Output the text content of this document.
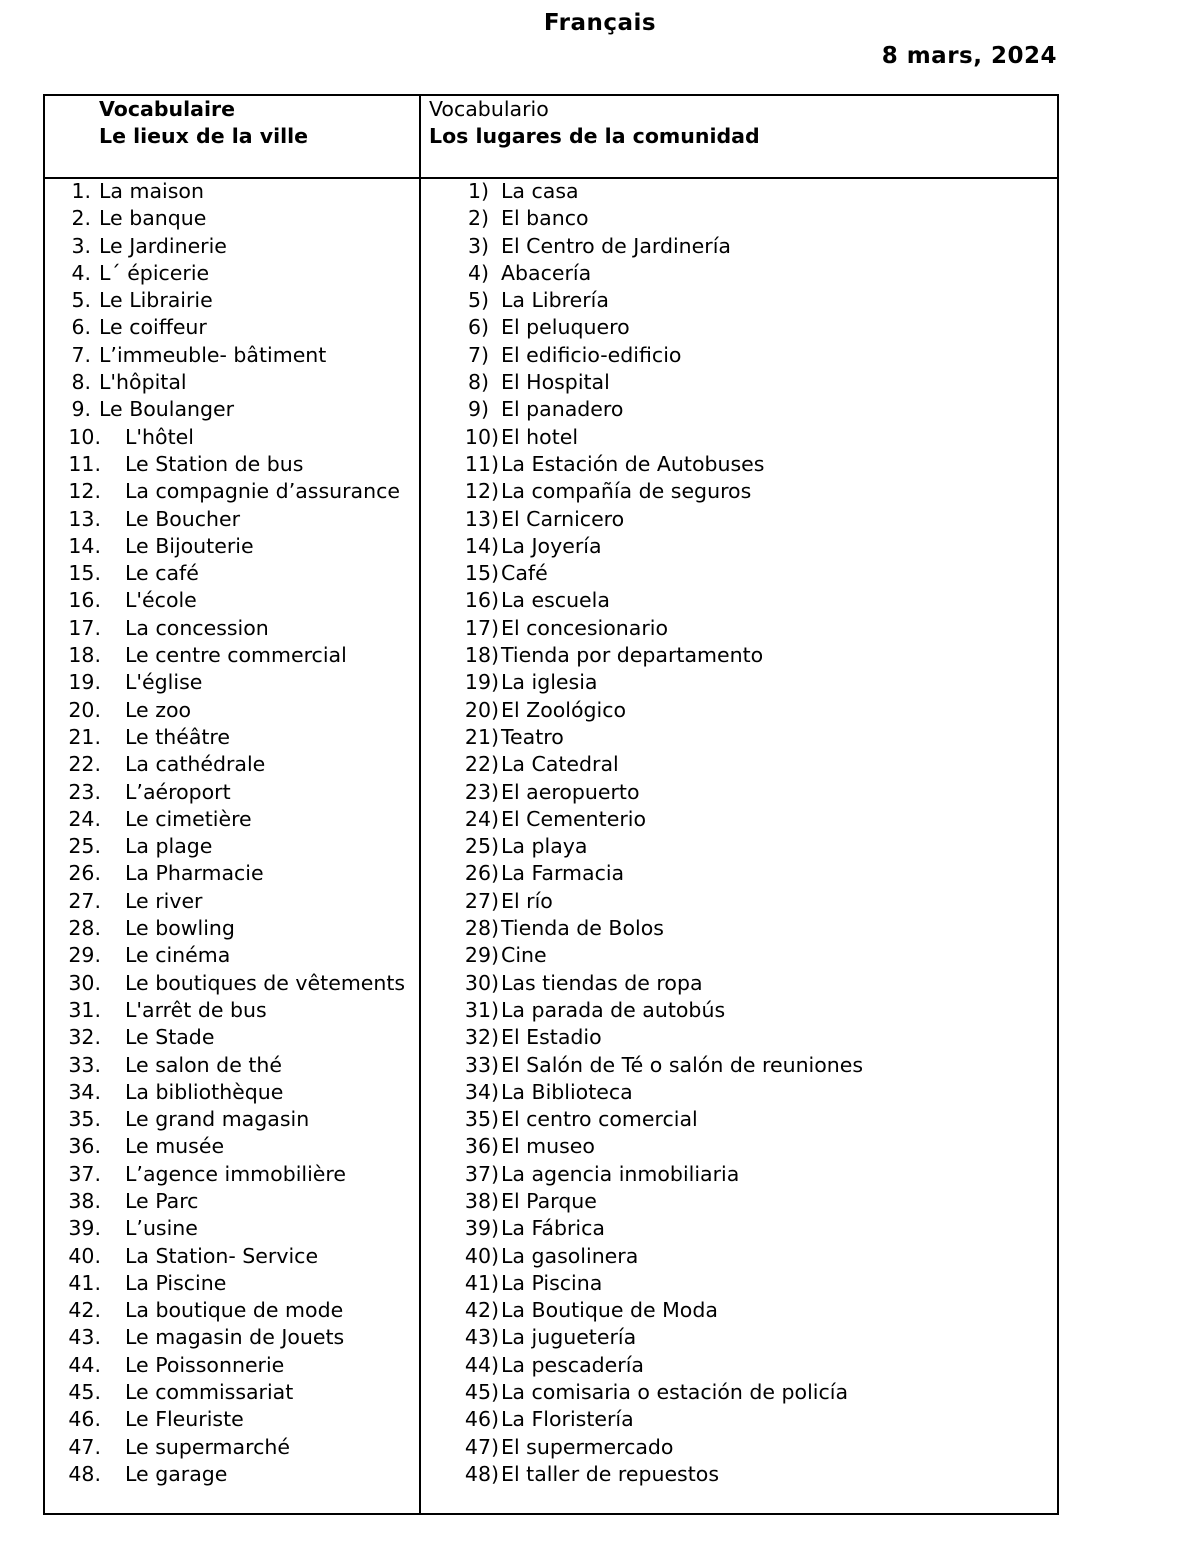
Français
8 mars, 2024
Vocabulaire
Le lieux de la ville
Vocabulario
Los lugares de la comunidad
1. La maison
2. Le banque
3. Le Jardinerie
4. L´ épicerie
5. Le Librairie
6. Le coiffeur
7. L’immeuble- bâtiment
8. L'hôpital
9. Le Boulanger
10. L'hôtel
11. Le Station de bus
12. La compagnie d’assurance
13. Le Boucher
14. Le Bijouterie
15. Le café
16. L'école
17. La concession
18. Le centre commercial
19. L'église
20. Le zoo
21. Le théâtre
22. La cathédrale
23. L’aéroport
24. Le cimetière
25. La plage
26. La Pharmacie
27. Le river
28. Le bowling
29. Le cinéma
30. Le boutiques de vêtements
31. L'arrêt de bus
32. Le Stade
33. Le salon de thé
34. La bibliothèque
35. Le grand magasin
36. Le musée
37. L’agence immobilière
38. Le Parc
39. L’usine
40. La Station- Service
41. La Piscine
42. La boutique de mode
43. Le magasin de Jouets
44. Le Poissonnerie
45. Le commissariat
46. Le Fleuriste
47. Le supermarché
48. Le garage
1) La casa
2) El banco
3) El Centro de Jardinería
4) Abacería
5) La Librería
6) El peluquero
7) El edificio-edificio
8) El Hospital
9) El panadero
10) El hotel
11) La Estación de Autobuses
12) La compañía de seguros
13) El Carnicero
14) La Joyería
15) Café
16) La escuela
17) El concesionario
18) Tienda por departamento
19) La iglesia
20) El Zoológico
21) Teatro
22) La Catedral
23) El aeropuerto
24) El Cementerio
25) La playa
26) La Farmacia
27) El río
28) Tienda de Bolos
29) Cine
30) Las tiendas de ropa
31) La parada de autobús
32) El Estadio
33) El Salón de Té o salón de reuniones
34) La Biblioteca
35) El centro comercial
36) El museo
37) La agencia inmobiliaria
38) El Parque
39) La Fábrica
40) La gasolinera
41) La Piscina
42) La Boutique de Moda
43) La juguetería
44) La pescadería
45) La comisaria o estación de policía
46) La Floristería
47) El supermercado
48) El taller de repuestos
